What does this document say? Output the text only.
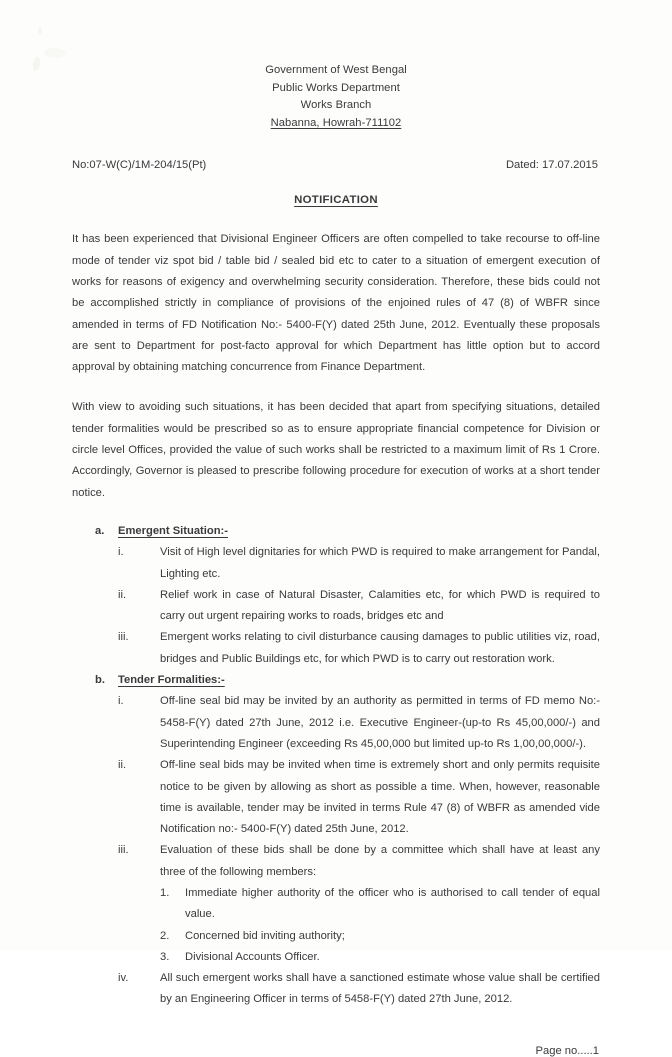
Government of West Bengal
Public Works Department
Works Branch
Nabanna, Howrah-711102
No:07-W(C)/1M-204/15(Pt)	Dated: 17.07.2015
NOTIFICATION

It has been experienced that Divisional Engineer Officers are often compelled to take recourse to off-line mode of tender viz spot bid / table bid / sealed bid etc to cater to a situation of emergent execution of works for reasons of exigency and overwhelming security consideration. Therefore, these bids could not be accomplished strictly in compliance of provisions of the enjoined rules of 47 (8) of WBFR since amended in terms of FD Notification No:- 5400-F(Y) dated 25th June, 2012. Eventually these proposals are sent to Department for post-facto approval for which Department has little option but to accord approval by obtaining matching concurrence from Finance Department.

With view to avoiding such situations, it has been decided that apart from specifying situations, detailed tender formalities would be prescribed so as to ensure appropriate financial competence for Division or circle level Offices, provided the value of such works shall be restricted to a maximum limit of Rs 1 Crore. Accordingly, Governor is pleased to prescribe following procedure for execution of works at a short tender notice.

a.	Emergent Situation:-
i.	Visit of High level dignitaries for which PWD is required to make arrangement for Pandal, Lighting etc.
ii.	Relief work in case of Natural Disaster, Calamities etc, for which PWD is required to carry out urgent repairing works to roads, bridges etc and
iii.	Emergent works relating to civil disturbance causing damages to public utilities viz, road, bridges and Public Buildings etc, for which PWD is to carry out restoration work.
b.	Tender Formalities:-
i.	Off-line seal bid may be invited by an authority as permitted in terms of FD memo No:- 5458-F(Y) dated 27th June, 2012 i.e. Executive Engineer-(up-to Rs 45,00,000/-) and Superintending Engineer (exceeding Rs 45,00,000 but limited up-to Rs 1,00,00,000/-).
ii.	Off-line seal bids may be invited when time is extremely short and only permits requisite notice to be given by allowing as short as possible a time. When, however, reasonable time is available, tender may be invited in terms Rule 47 (8) of WBFR as amended vide Notification no:- 5400-F(Y) dated 25th June, 2012.
iii.	Evaluation of these bids shall be done by a committee which shall have at least any three of the following members:
1.	Immediate higher authority of the officer who is authorised to call tender of equal value.
2.	Concerned bid inviting authority;
3.	Divisional Accounts Officer.
iv.	All such emergent works shall have a sanctioned estimate whose value shall be certified by an Engineering Officer in terms of 5458-F(Y) dated 27th June, 2012.
Page no.....1
